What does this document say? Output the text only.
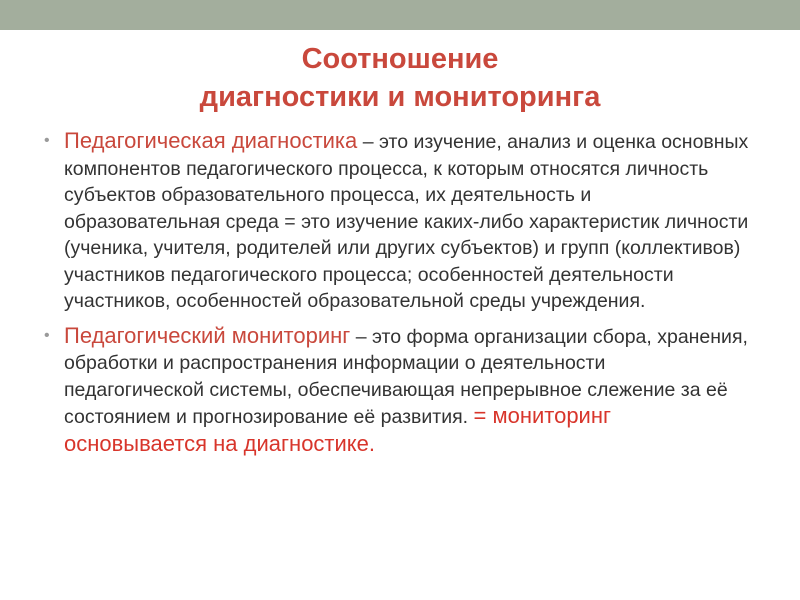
Соотношение
диагностики и мониторинга
• Педагогическая диагностика – это изучение, анализ и оценка основных компонентов педагогического процесса, к которым относятся личность субъектов образовательного процесса, их деятельность и образовательная среда = это изучение каких-либо характеристик личности (ученика, учителя, родителей или других субъектов) и групп (коллективов) участников педагогического процесса; особенностей деятельности участников, особенностей образовательной среды учреждения.
• Педагогический мониторинг – это форма организации сбора, хранения, обработки и распространения информации о деятельности педагогической системы, обеспечивающая непрерывное слежение за её состоянием и прогнозирование её развития. = мониторинг основывается на диагностике.
